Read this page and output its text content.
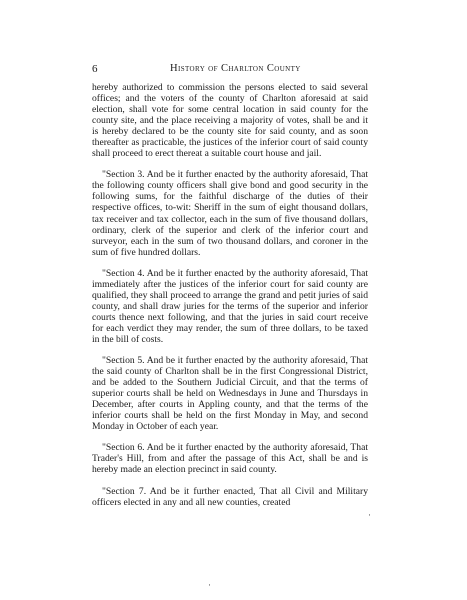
6	History of Charlton County

hereby authorized to commission the persons elected to said several offices; and the voters of the county of Charlton aforesaid at said election, shall vote for some central location in said county for the county site, and the place receiving a majority of votes, shall be and it is hereby declared to be the county site for said county, and as soon thereafter as practicable, the justices of the inferior court of said county shall proceed to erect thereat a suitable court house and jail.

"Section 3. And be it further enacted by the authority aforesaid, That the following county officers shall give bond and good security in the following sums, for the faithful discharge of the duties of their respective offices, to-wit: Sheriff in the sum of eight thousand dollars, tax receiver and tax collector, each in the sum of five thousand dollars, ordinary, clerk of the superior and clerk of the inferior court and surveyor, each in the sum of two thousand dollars, and coroner in the sum of five hundred dollars.

"Section 4. And be it further enacted by the authority aforesaid, That immediately after the justices of the inferior court for said county are qualified, they shall proceed to arrange the grand and petit juries of said county, and shall draw juries for the terms of the superior and inferior courts thence next following, and that the juries in said court receive for each verdict they may render, the sum of three dollars, to be taxed in the bill of costs.

"Section 5. And be it further enacted by the authority aforesaid, That the said county of Charlton shall be in the first Congressional District, and be added to the Southern Judicial Circuit, and that the terms of superior courts shall be held on Wednesdays in June and Thursdays in December, after courts in Appling county, and that the terms of the inferior courts shall be held on the first Monday in May, and second Monday in October of each year.

"Section 6. And be it further enacted by the authority aforesaid, That Trader's Hill, from and after the passage of this Act, shall be and is hereby made an election precinct in said county.

"Section 7. And be it further enacted, That all Civil and Military officers elected in any and all new counties, created

·
·
